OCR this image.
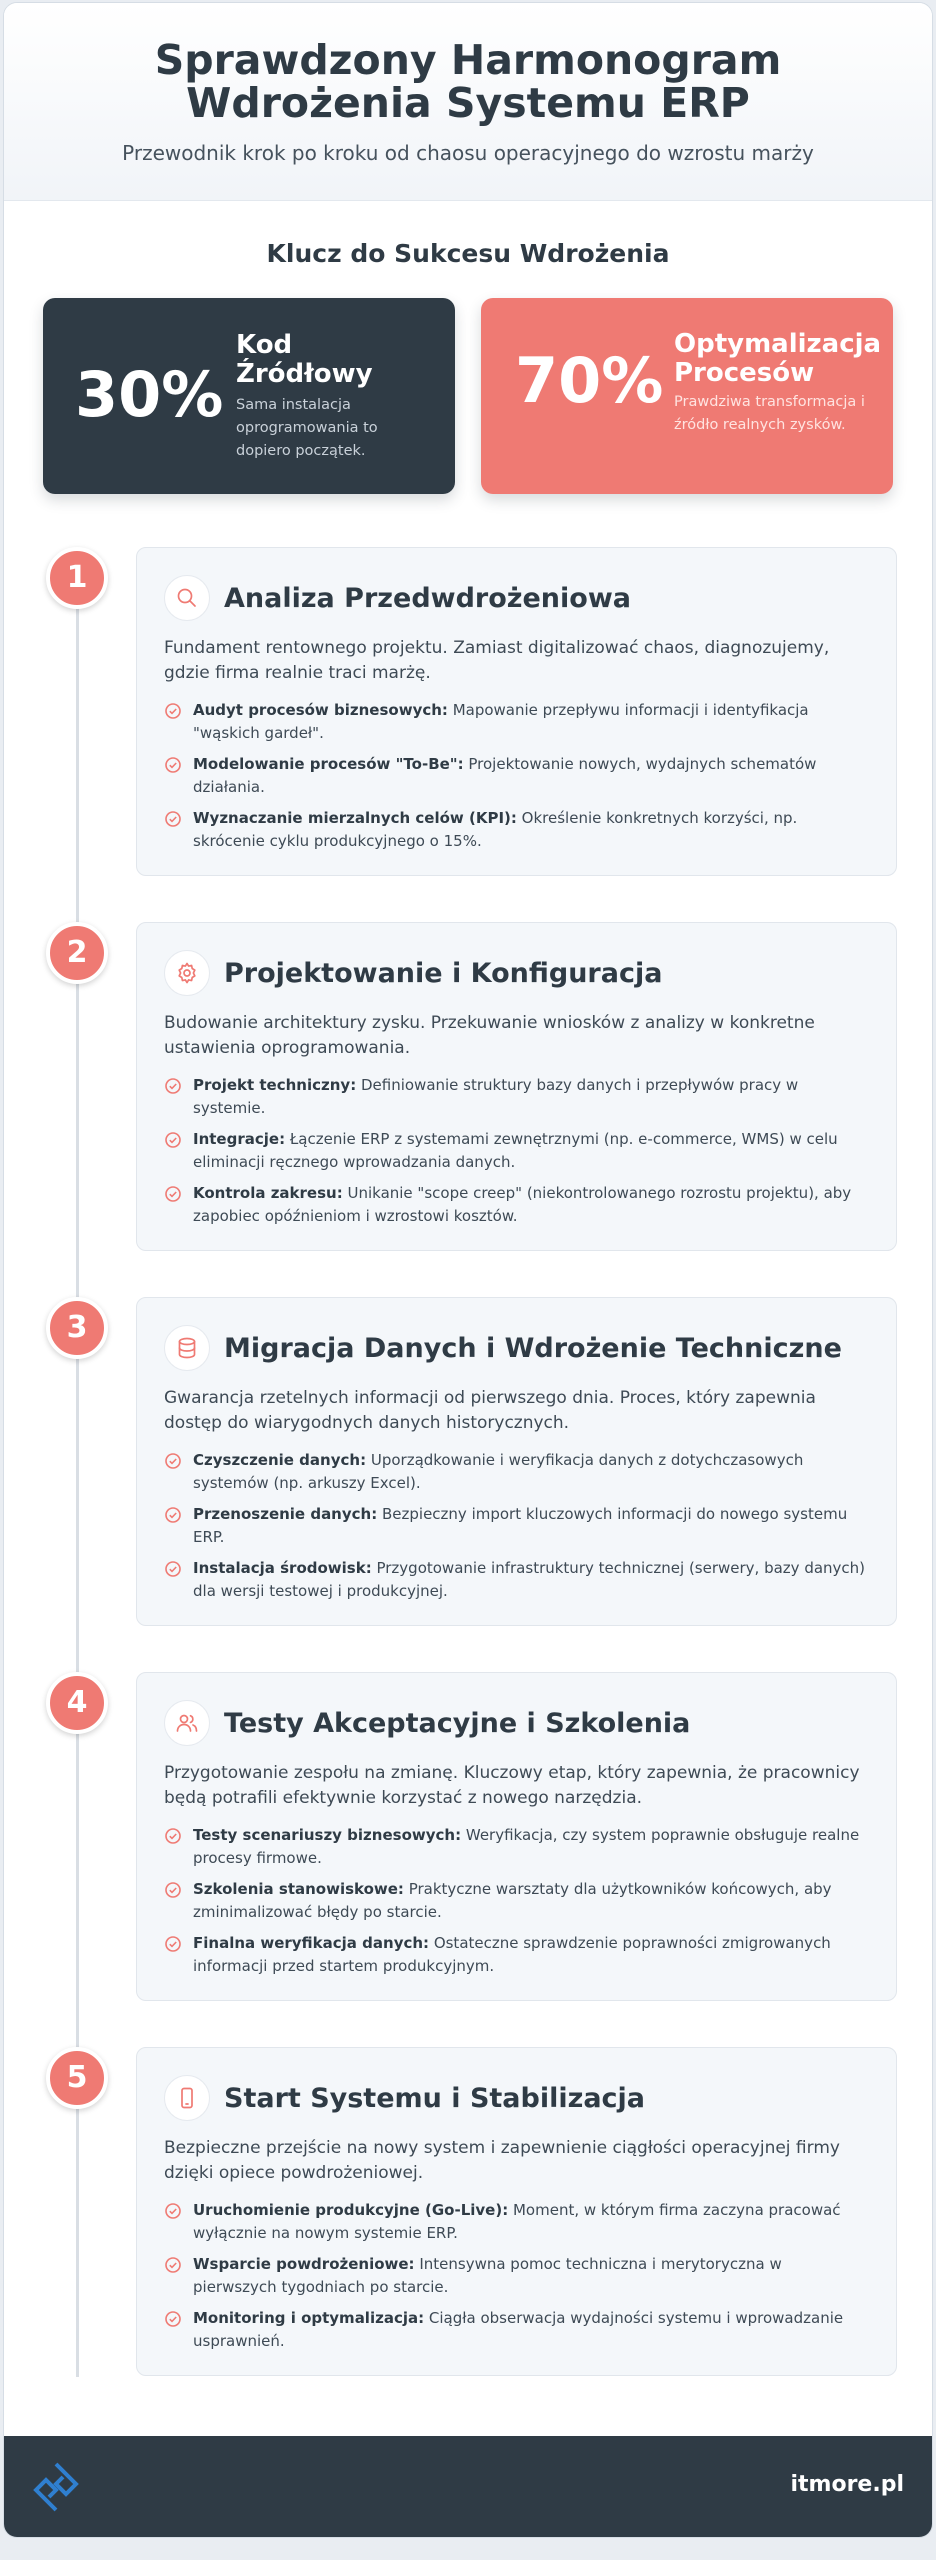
Sprawdzony Harmonogram Wdrożenia Systemu ERP

Przewodnik krok po kroku od chaosu operacyjnego do wzrostu marży

Klucz do Sukcesu Wdrożenia
30%
Kod Źródłowy
Sama instalacja oprogramowania to dopiero początek.
70% Optymalizacja Procesów
Prawdziwa transformacja i źródło realnych zysków.
1
Analiza Przedwdrożeniowa

Fundament rentownego projektu. Zamiast digitalizować chaos, diagnozujemy, gdzie firma realnie traci marżę.

Audyt procesów biznesowych: Mapowanie przepływu informacji i identyfikacja "wąskich gardeł".
Modelowanie procesów "To-Be": Projektowanie nowych, wydajnych schematów działania.
Wyznaczanie mierzalnych celów (KPI): Określenie konkretnych korzyści, np. skrócenie cyklu produkcyjnego o 15%.
2
Projektowanie i Konfiguracja

Budowanie architektury zysku. Przekuwanie wniosków z analizy w konkretne ustawienia oprogramowania.

Projekt techniczny: Definiowanie struktury bazy danych i przepływów pracy w systemie.
Integracje: Łączenie ERP z systemami zewnętrznymi (np. e-commerce, WMS) w celu eliminacji ręcznego wprowadzania danych.
Kontrola zakresu: Unikanie "scope creep" (niekontrolowanego rozrostu projektu), aby zapobiec opóźnieniom i wzrostowi kosztów.
3
Migracja Danych i Wdrożenie Techniczne

Gwarancja rzetelnych informacji od pierwszego dnia. Proces, który zapewnia dostęp do wiarygodnych danych historycznych.

Czyszczenie danych: Uporządkowanie i weryfikacja danych z dotychczasowych systemów (np. arkuszy Excel).
Przenoszenie danych: Bezpieczny import kluczowych informacji do nowego systemu ERP.
Instalacja środowisk: Przygotowanie infrastruktury technicznej (serwery, bazy danych) dla wersji testowej i produkcyjnej.
4
Testy Akceptacyjne i Szkolenia

Przygotowanie zespołu na zmianę. Kluczowy etap, który zapewnia, że pracownicy będą potrafili efektywnie korzystać z nowego narzędzia.

Testy scenariuszy biznesowych: Weryfikacja, czy system poprawnie obsługuje realne procesy firmowe.
Szkolenia stanowiskowe: Praktyczne warsztaty dla użytkowników końcowych, aby zminimalizować błędy po starcie.
Finalna weryfikacja danych: Ostateczne sprawdzenie poprawności zmigrowanych informacji przed startem produkcyjnym.
5
Start Systemu i Stabilizacja

Bezpieczne przejście na nowy system i zapewnienie ciągłości operacyjnej firmy dzięki opiece powdrożeniowej.

Uruchomienie produkcyjne (Go-Live): Moment, w którym firma zaczyna pracować wyłącznie na nowym systemie ERP.
Wsparcie powdrożeniowe: Intensywna pomoc techniczna i merytoryczna w pierwszych tygodniach po starcie.
Monitoring i optymalizacja: Ciągła obserwacja wydajności systemu i wprowadzanie usprawnień.
itmore.pl
